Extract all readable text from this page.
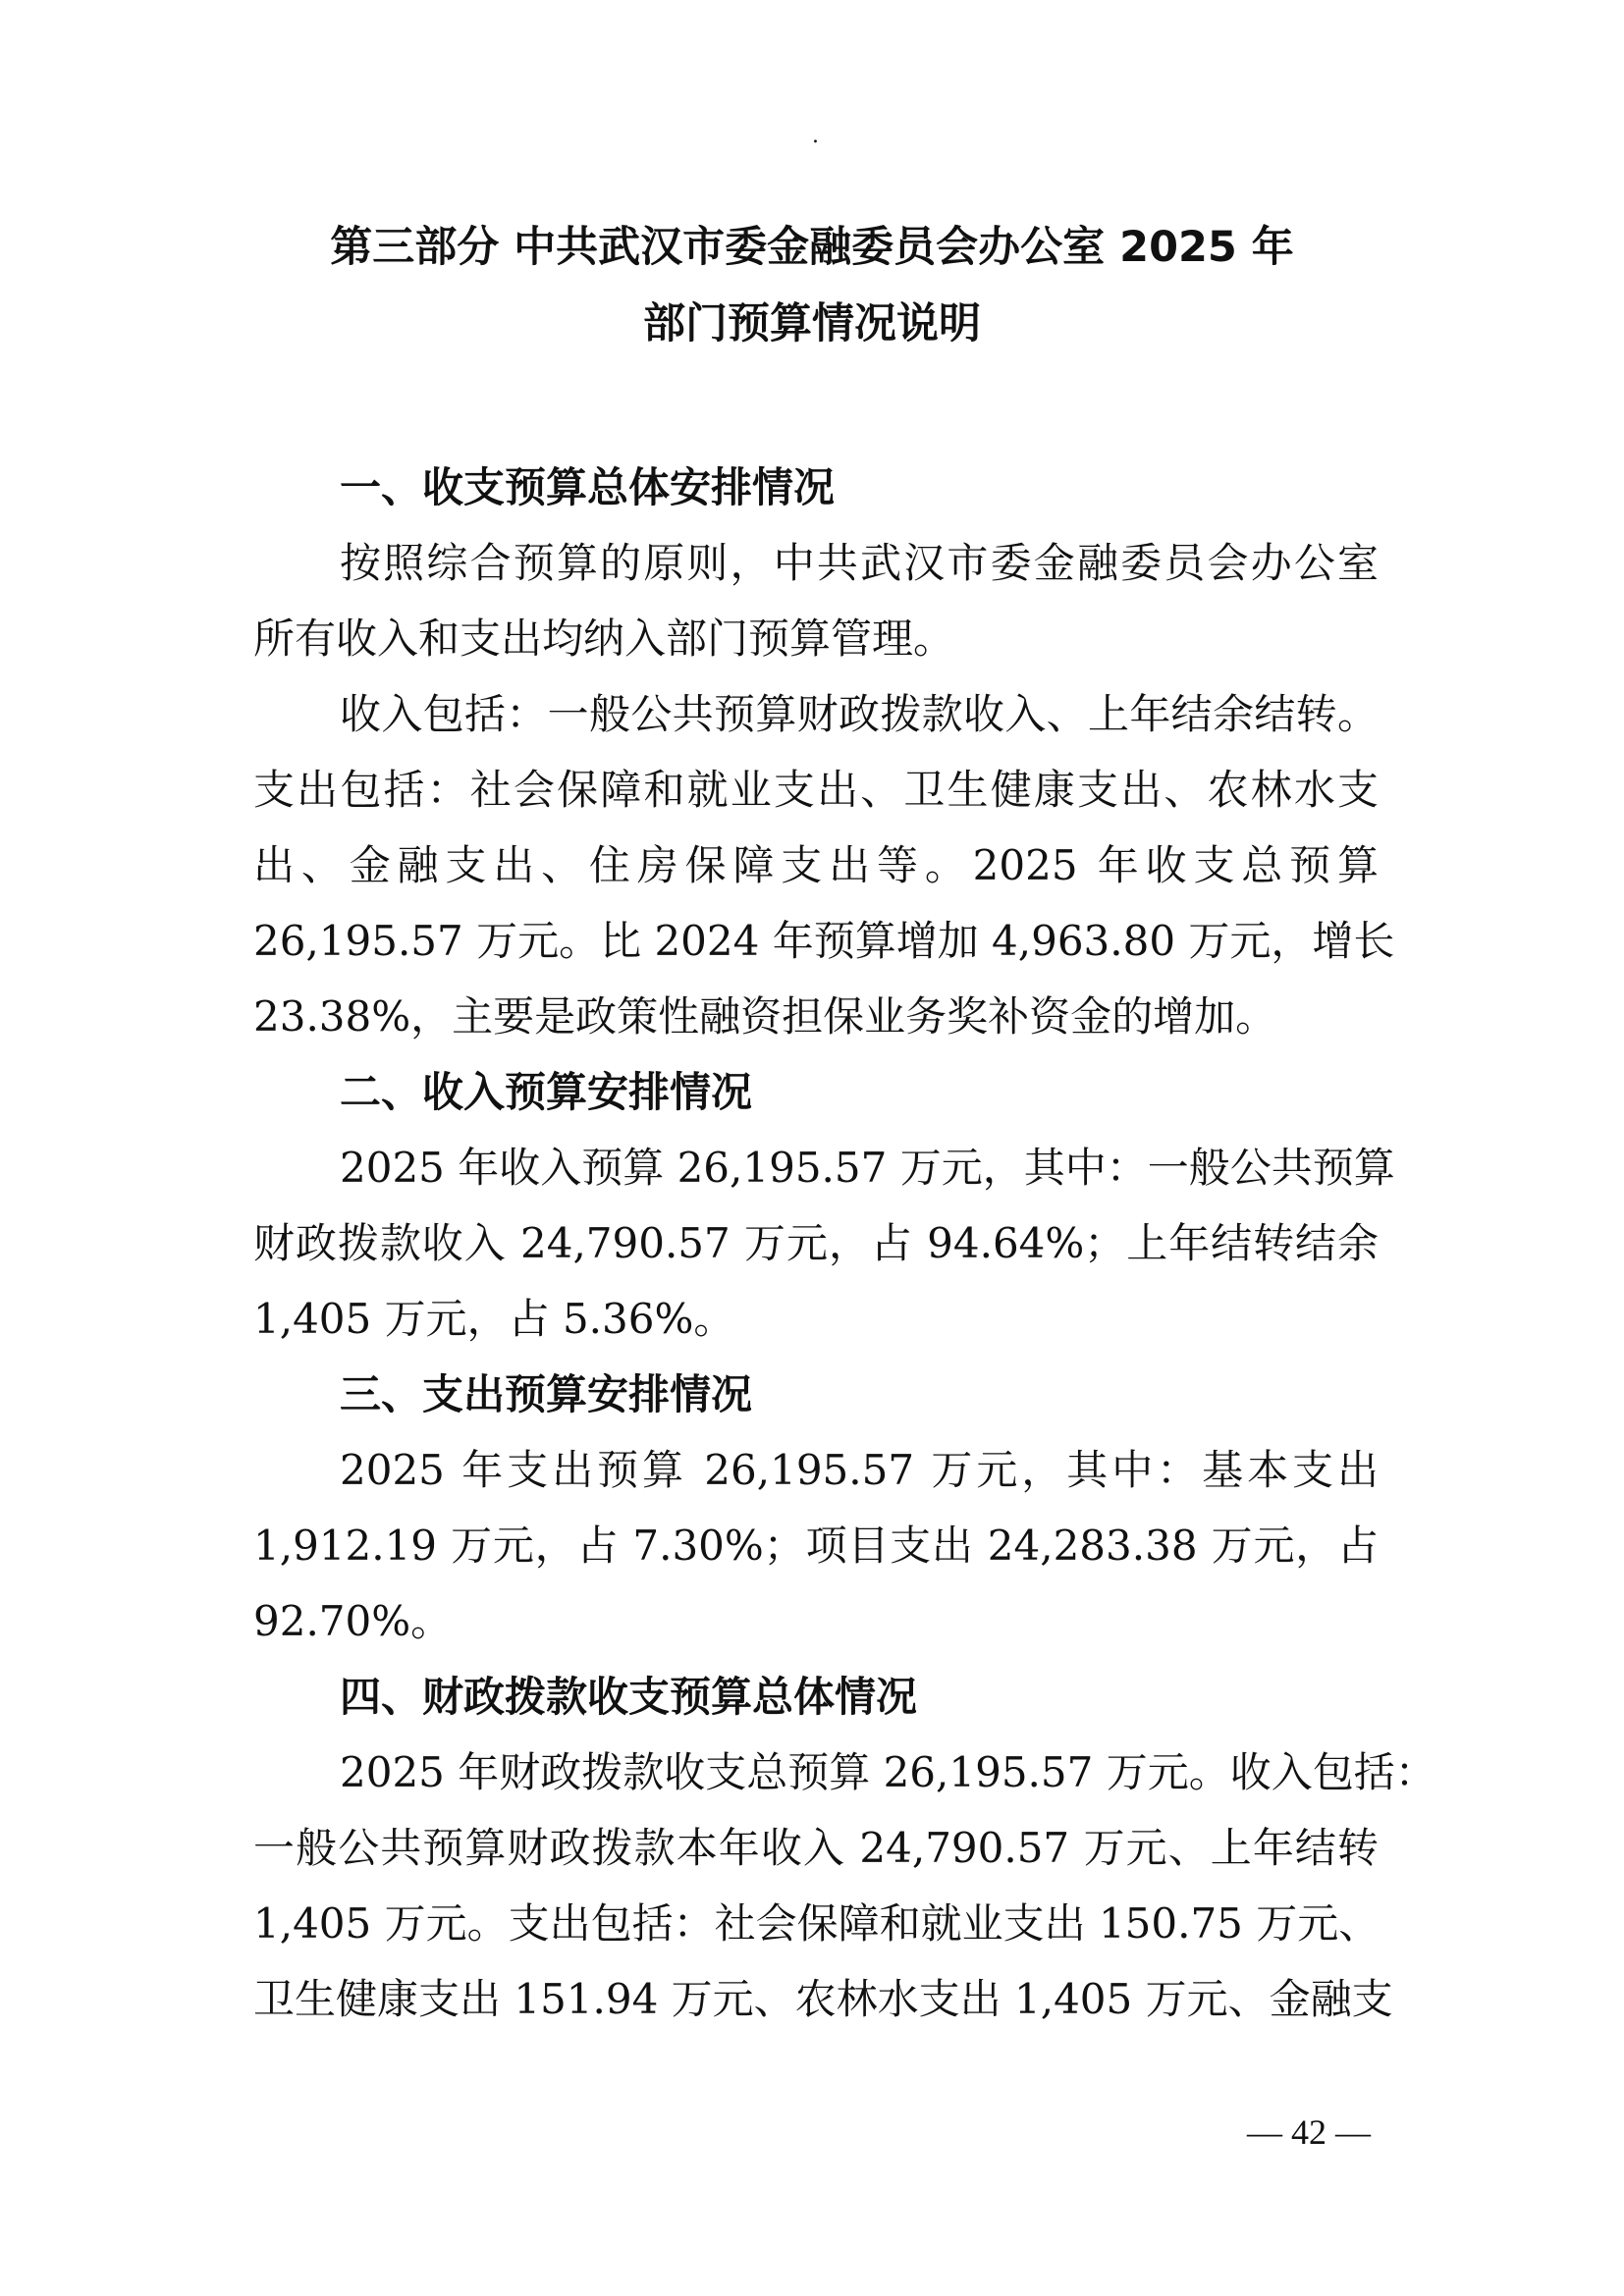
.
第三部分 中共武汉市委金融委员会办公室 2025 年
部门预算情况说明
一、收支预算总体安排情况
按照综合预算的原则，中共武汉市委金融委员会办公室
所有收入和支出均纳入部门预算管理。
收入包括：一般公共预算财政拨款收入、上年结余结转。
支出包括：社会保障和就业支出、卫生健康支出、农林水支
出、金融支出、住房保障支出等。2025 年收支总预算
26,195.57 万元。比 2024 年预算增加 4,963.80 万元，增长
23.38%，主要是政策性融资担保业务奖补资金的增加。
二、收入预算安排情况
2025 年收入预算 26,195.57 万元，其中：一般公共预算
财政拨款收入 24,790.57 万元，占 94.64%；上年结转结余
1,405 万元，占 5.36%。
三、支出预算安排情况
2025 年支出预算 26,195.57 万元，其中：基本支出
1,912.19 万元，占 7.30%；项目支出 24,283.38 万元，占
92.70%。
四、财政拨款收支预算总体情况
2025 年财政拨款收支总预算 26,195.57 万元。收入包括：
一般公共预算财政拨款本年收入 24,790.57 万元、上年结转
1,405 万元。支出包括：社会保障和就业支出 150.75 万元、
卫生健康支出 151.94 万元、农林水支出 1,405 万元、金融支
— 42 —
